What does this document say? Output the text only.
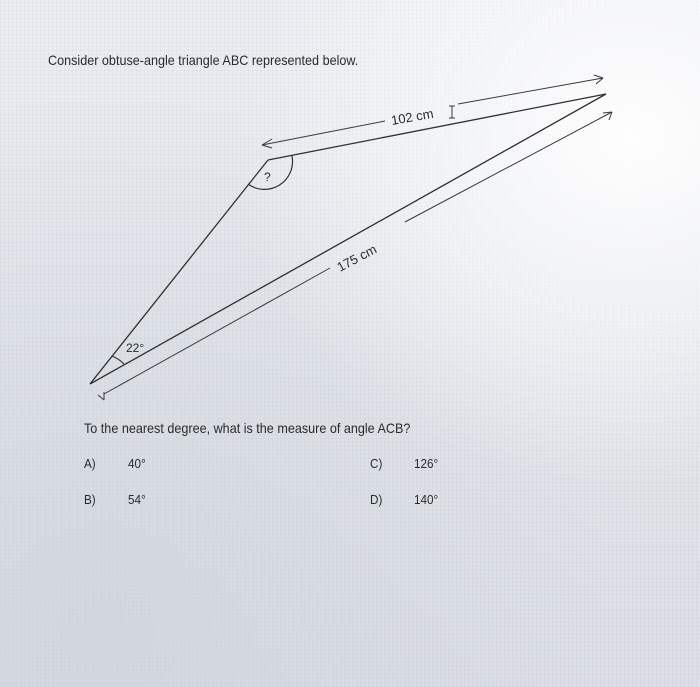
Consider obtuse-angle triangle ABC represented below.
102 cm
175 cm
?
22°
To the nearest degree, what is the measure of angle ACB?
A) 40°
B) 54°
C) 126°
D) 140°
